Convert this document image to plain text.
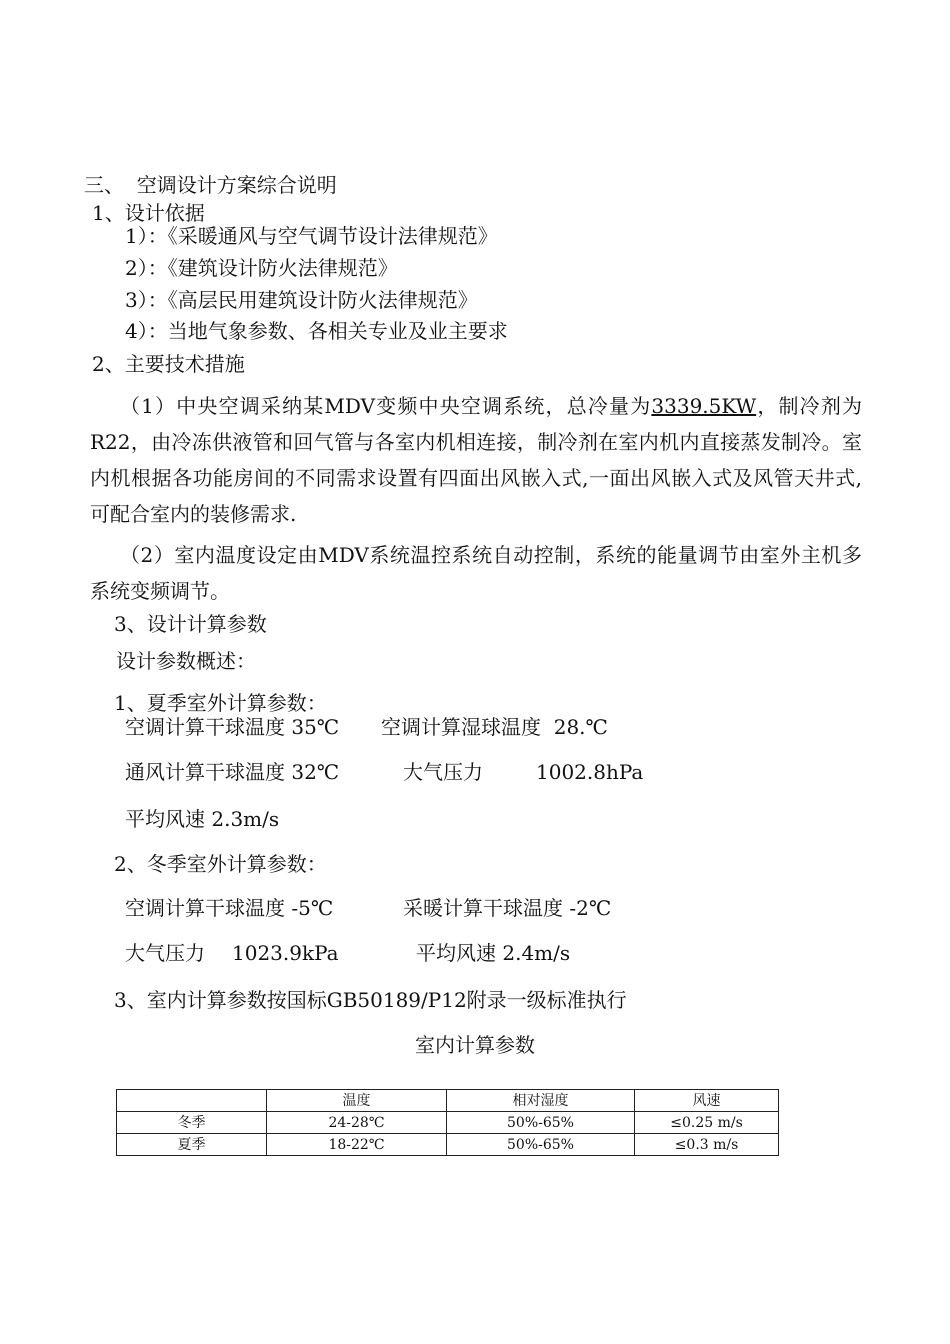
三、  空调设计方案综合说明
1、设计依据
1）：《采暖通风与空气调节设计法律规范》
2）：《建筑设计防火法律规范》
3）：《高层民用建筑设计防火法律规范》
4）：当地气象参数、各相关专业及业主要求
2、主要技术措施
（1）中央空调采纳某MDV变频中央空调系统，总冷量为3339.5KW，制冷剂为R22，由冷冻供液管和回气管与各室内机相连接，制冷剂在室内机内直接蒸发制冷。室内机根据各功能房间的不同需求设置有四面出风嵌入式,一面出风嵌入式及风管天井式,可配合室内的装修需求.
（2）室内温度设定由MDV系统温控系统自动控制，系统的能量调节由室外主机多系统变频调节。
3、设计计算参数
设计参数概述：
1、夏季室外计算参数：
空调计算干球温度 35℃ 空调计算湿球温度  28.℃
通风计算干球温度 32℃	大气压力	1002.8hPa
平均风速 2.3m/s
2、冬季室外计算参数：
空调计算干球温度 -5℃	采暖计算干球温度 -2℃
大气压力 1023.9kPa	平均风速 2.4m/s
3、室内计算参数按国标GB50189/P12附录一级标准执行
室内计算参数
	温度	相对湿度	风速
冬季	24-28℃	50%-65%	≤0.25 m/s
夏季	18-22℃	50%-65%	≤0.3 m/s
